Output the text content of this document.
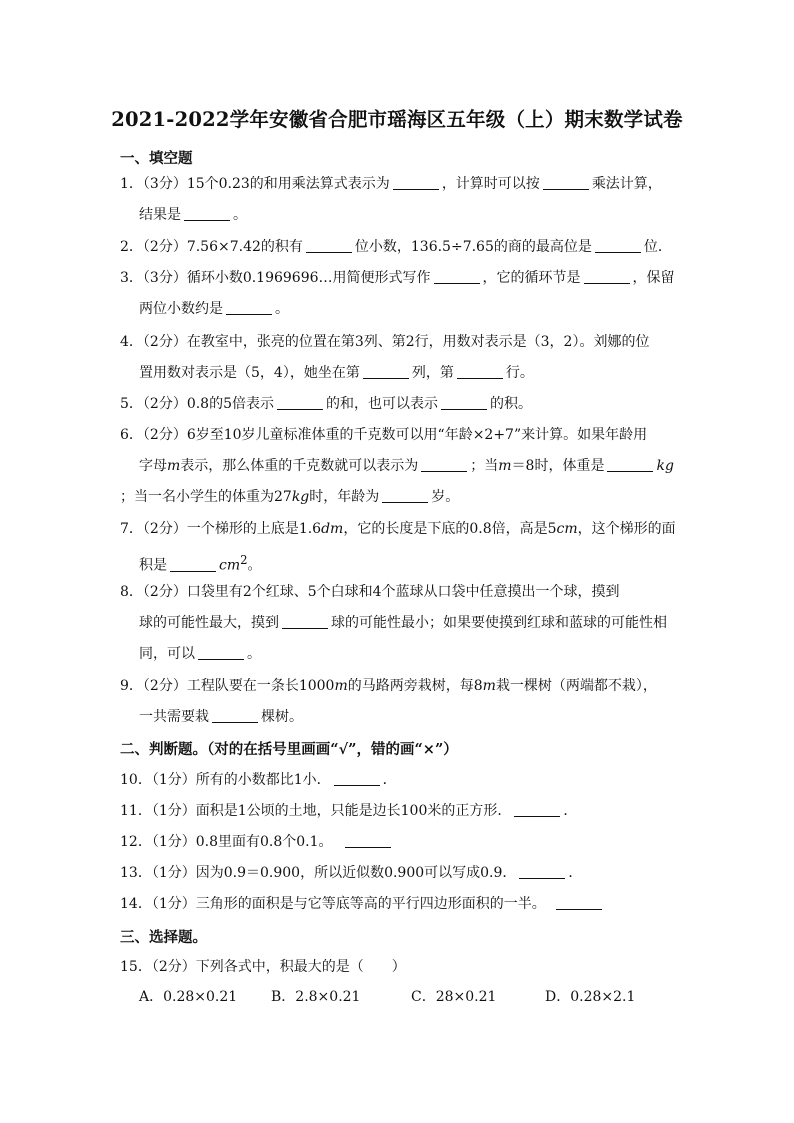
2021-2022学年安徽省合肥市瑶海区五年级（上）期末数学试卷
一、填空题
1．（3分）15个0.23的和用乘法算式表示为	，计算时可以按	乘法计算，
结果是	。
2．（2分）7.56×7.42的积有	位小数，136.5÷7.65的商的最高位是	位．
3．（3分）循环小数0.1969696…用简便形式写作	，它的循环节是	，保留
两位小数约是	。
4．（2分）在教室中，张亮的位置在第3列、第2行，用数对表示是（3，2）。刘娜的位
置用数对表示是（5，4），她坐在第	列，第	行。
5．（2分）0.8的5倍表示	的和，也可以表示	的积。
6．（2分）6岁至10岁儿童标准体重的千克数可以用“年龄×2+7”来计算。如果年龄用
字母m表示，那么体重的千克数就可以表示为	；当m＝8时，体重是	kg
；当一名小学生的体重为27kg时，年龄为	岁。
7．（2分）一个梯形的上底是1.6dm，它的长度是下底的0.8倍，高是5cm，这个梯形的面
积是	$cm^2$。
8．（2分）口袋里有2个红球、5个白球和4个蓝球从口袋中任意摸出一个球，摸到
球的可能性最大，摸到	球的可能性最小；如果要使摸到红球和蓝球的可能性相
同，可以	。
9．（2分）工程队要在一条长1000m的马路两旁栽树，每8m栽一棵树（两端都不栽），
一共需要栽	棵树。
二、判断题。（对的在括号里画画“√”，错的画“×”）
10．（1分）所有的小数都比1小．	．
11．（1分）面积是1公顷的土地，只能是边长100米的正方形．	．
12．（1分）0.8里面有0.8个0.1。
13．（1分）因为0.9＝0.900，所以近似数0.900可以写成0.9．	．
14．（1分）三角形的面积是与它等底等高的平行四边形面积的一半。
三、选择题。
15．（2分）下列各式中，积最大的是（　　）
A．0.28×0.21 B．2.8×0.21	C．28×0.21	D．0.28×2.1
